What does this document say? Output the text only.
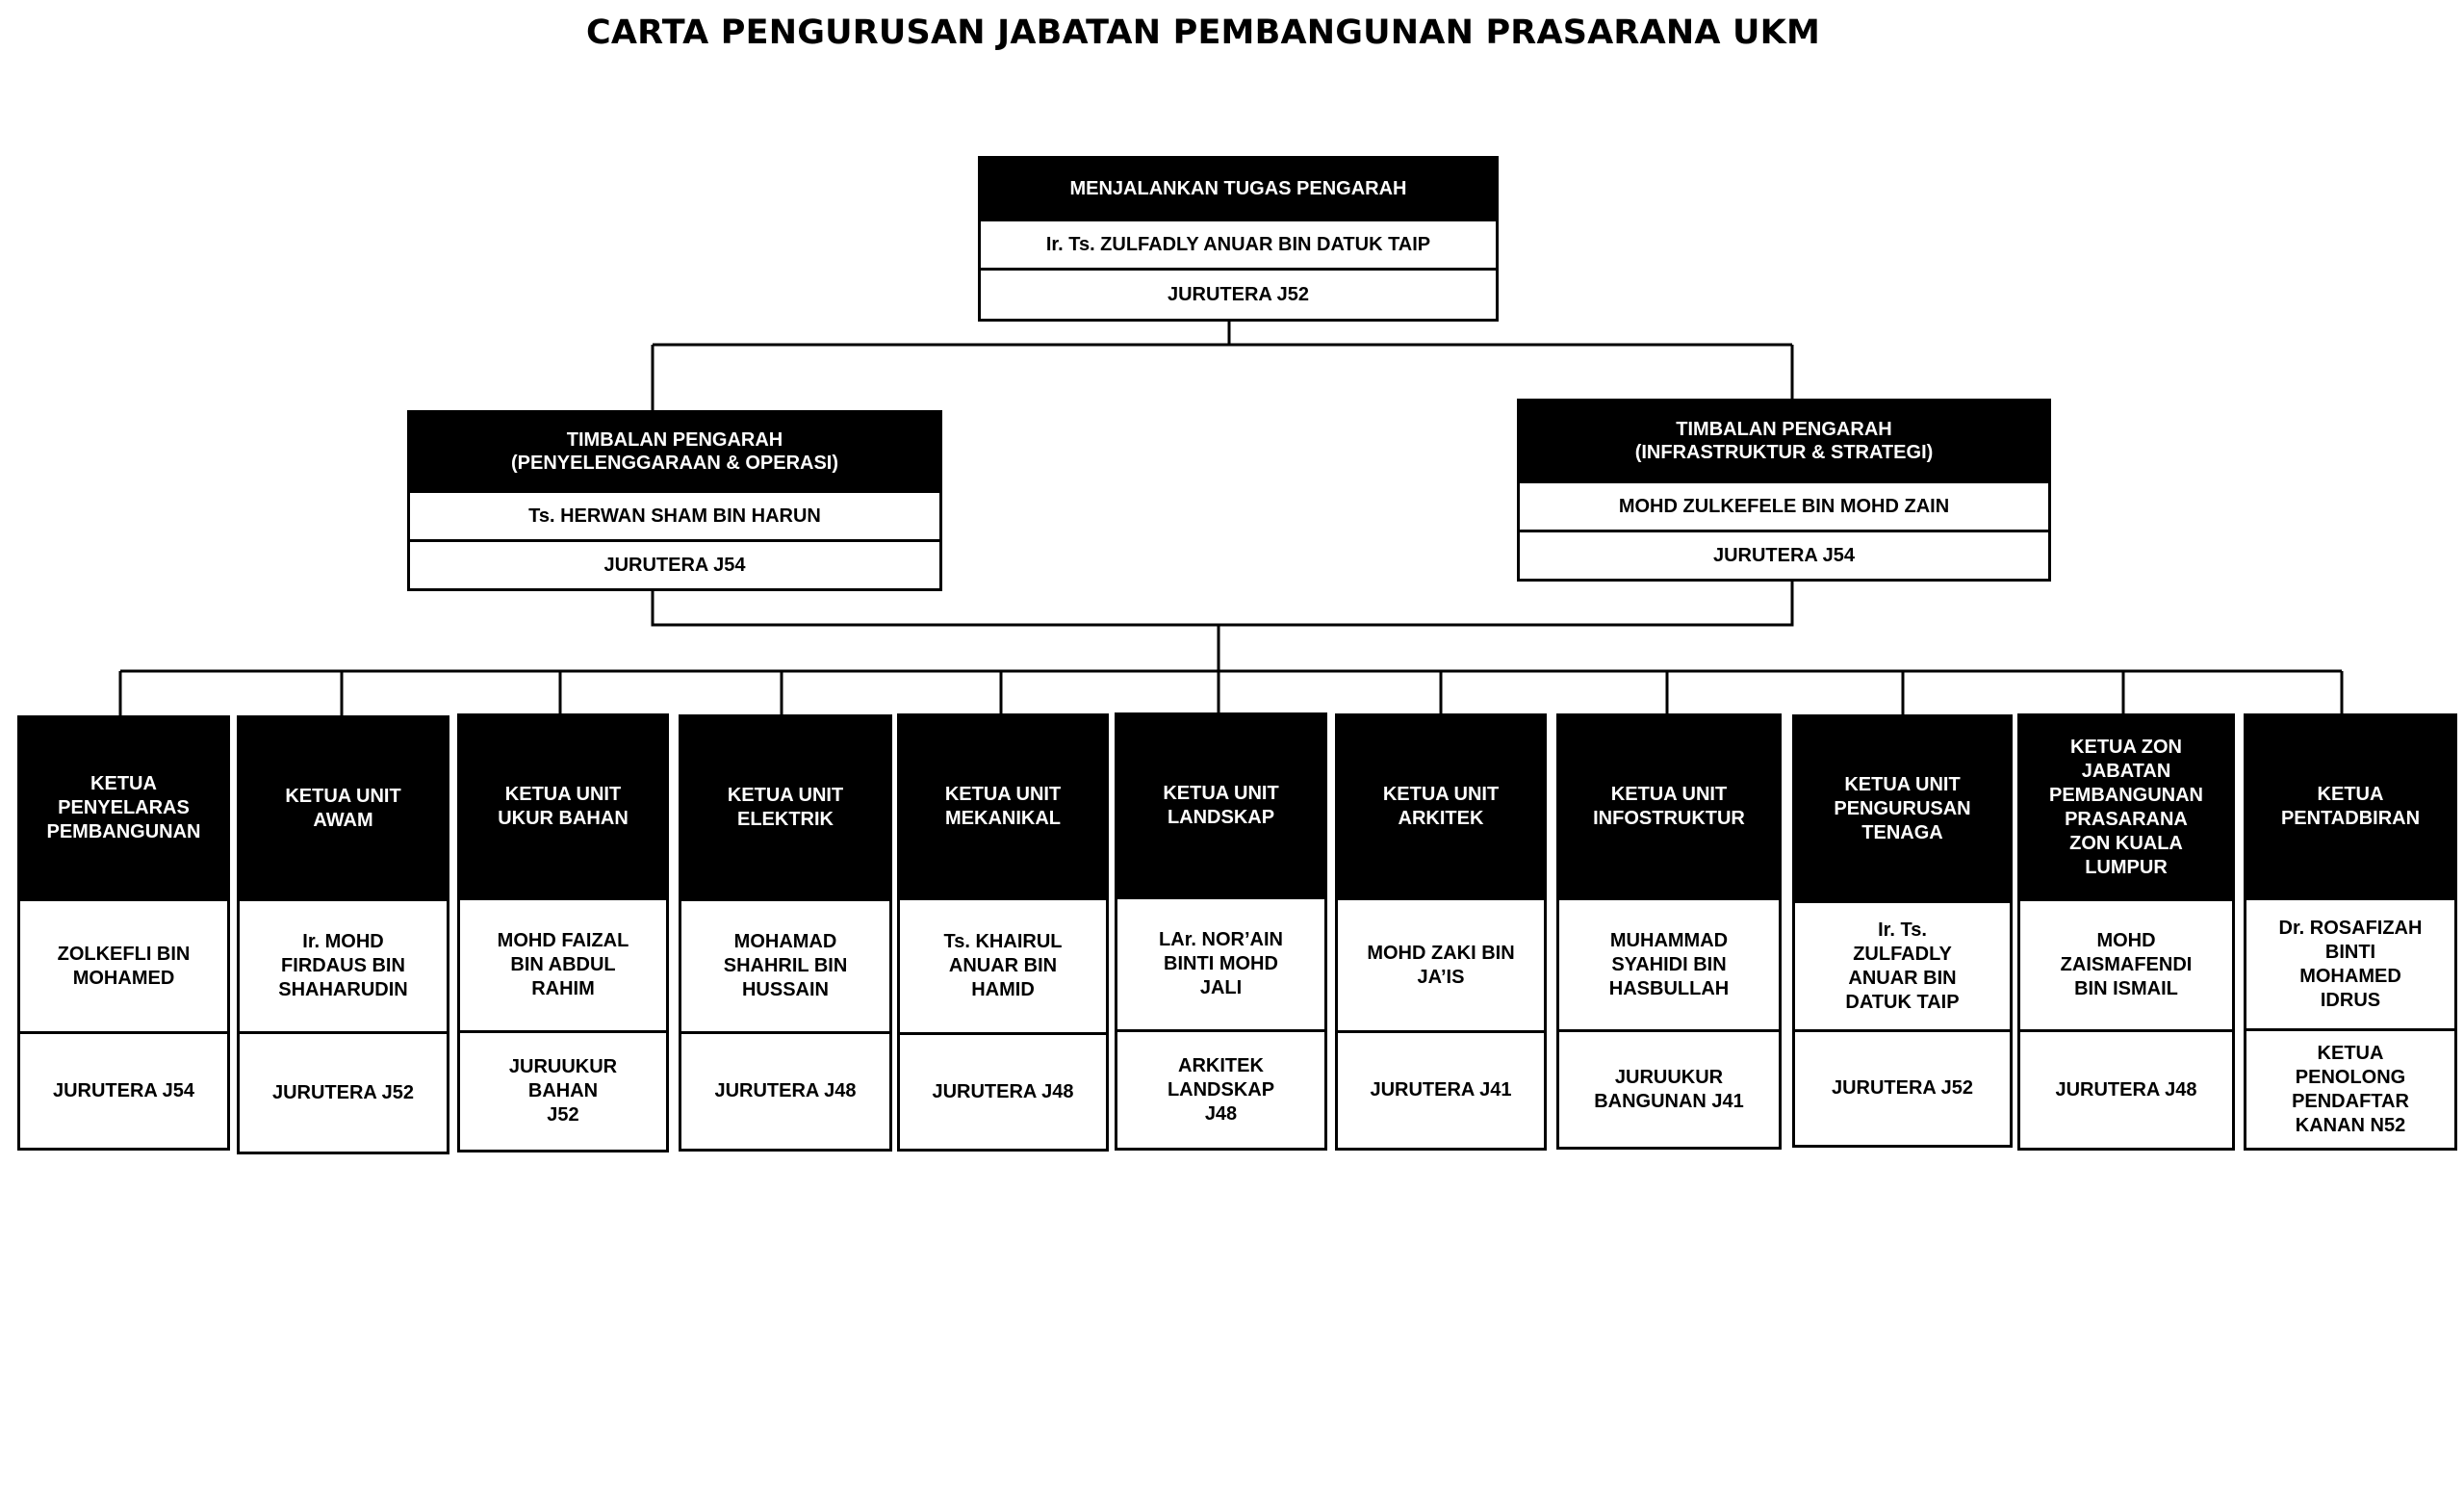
CARTA PENGURUSAN JABATAN PEMBANGUNAN PRASARANA UKM
MENJALANKAN TUGAS PENGARAH
Ir. Ts. ZULFADLY ANUAR BIN DATUK TAIP
JURUTERA J52
TIMBALAN PENGARAH
(PENYELENGGARAAN & OPERASI)
Ts. HERWAN SHAM BIN HARUN
JURUTERA J54
TIMBALAN PENGARAH
(INFRASTRUKTUR & STRATEGI)
MOHD ZULKEFELE BIN MOHD ZAIN
JURUTERA J54
KETUA
PENYELARAS
PEMBANGUNAN
ZOLKEFLI BIN
MOHAMED
JURUTERA J54
KETUA UNIT
AWAM
Ir. MOHD
FIRDAUS BIN
SHAHARUDIN
JURUTERA J52
KETUA UNIT
UKUR BAHAN
MOHD FAIZAL
BIN ABDUL
RAHIM
JURUUKUR
BAHAN
J52
KETUA UNIT
ELEKTRIK
MOHAMAD
SHAHRIL BIN
HUSSAIN
JURUTERA J48
KETUA UNIT
MEKANIKAL
Ts. KHAIRUL
ANUAR BIN
HAMID
JURUTERA J48
KETUA UNIT
LANDSKAP
LAr. NOR’AIN
BINTI MOHD
JALI
ARKITEK
LANDSKAP
J48
KETUA UNIT
ARKITEK
MOHD ZAKI BIN
JA’IS
JURUTERA J41
KETUA UNIT
INFOSTRUKTUR
MUHAMMAD
SYAHIDI BIN
HASBULLAH
JURUUKUR
BANGUNAN J41
KETUA UNIT
PENGURUSAN
TENAGA
Ir. Ts.
ZULFADLY
ANUAR BIN
DATUK TAIP
JURUTERA J52
KETUA ZON
JABATAN
PEMBANGUNAN
PRASARANA
ZON KUALA
LUMPUR
MOHD
ZAISMAFENDI
BIN ISMAIL
JURUTERA J48
KETUA
PENTADBIRAN
Dr. ROSAFIZAH
BINTI
MOHAMED
IDRUS
KETUA
PENOLONG
PENDAFTAR
KANAN N52
